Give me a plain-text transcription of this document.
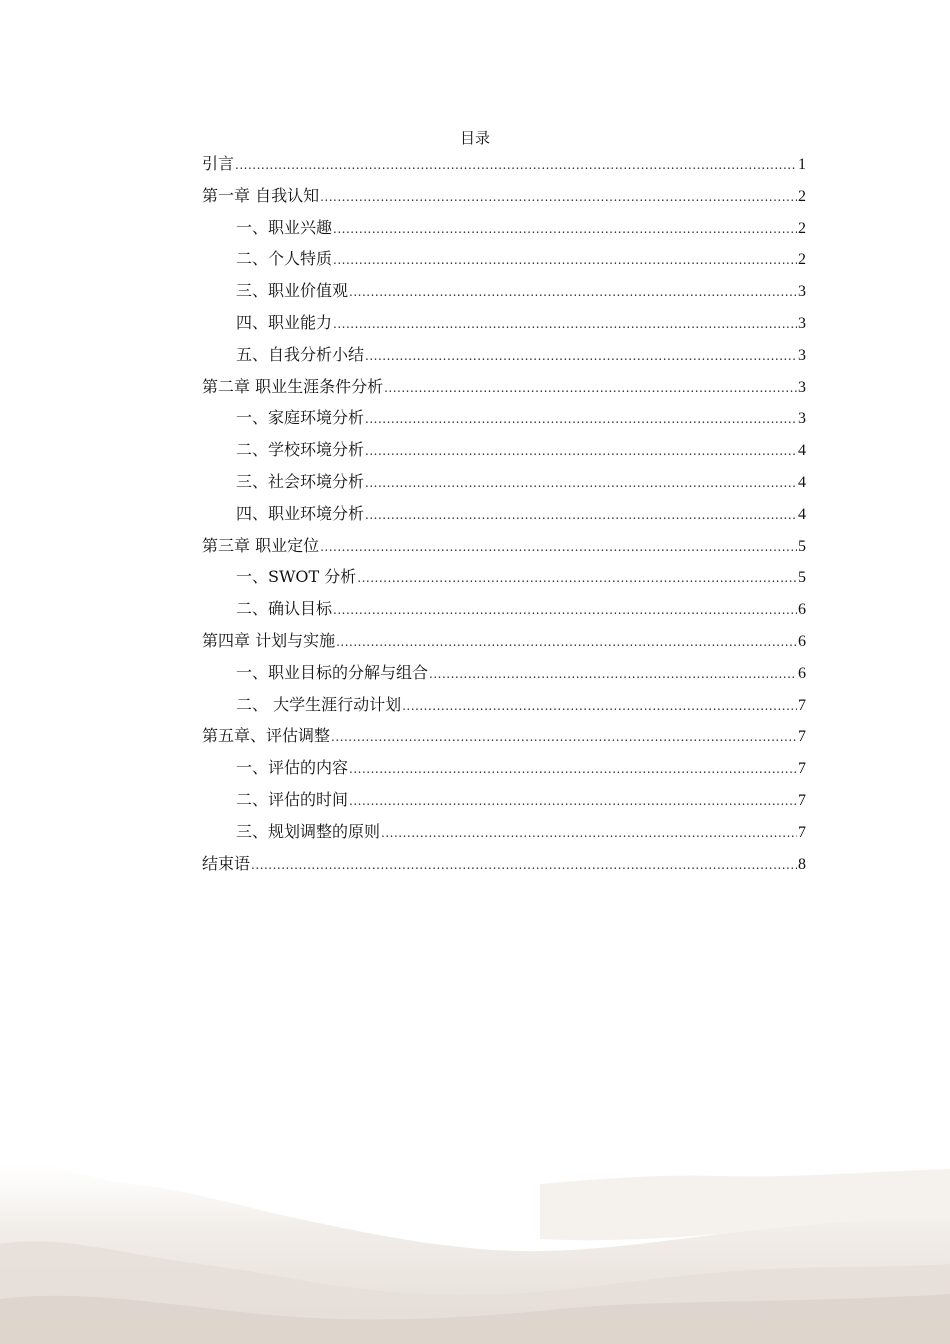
目录
引言 .....	1
第一章 自我认知 .....	2
一、职业兴趣 .....	2
二、个人特质 .....	2
三、职业价值观 .....	3
四、职业能力 .....	3
五、自我分析小结 .....	3
第二章 职业生涯条件分析 .....	3
一、家庭环境分析 .....	3
二、学校环境分析 .....	4
三、社会环境分析 .....	4
四、职业环境分析 .....	4
第三章 职业定位 .....	5
一、SWOT 分析 .....	5
二、确认目标 .....	6
第四章 计划与实施 .....	6
一、职业目标的分解与组合 .....	6
二、 大学生涯行动计划 .....	7
第五章、评估调整 .....	7
一、评估的内容 .....	7
二、评估的时间 .....	7
三、规划调整的原则 .....	7
结束语 .....	8
